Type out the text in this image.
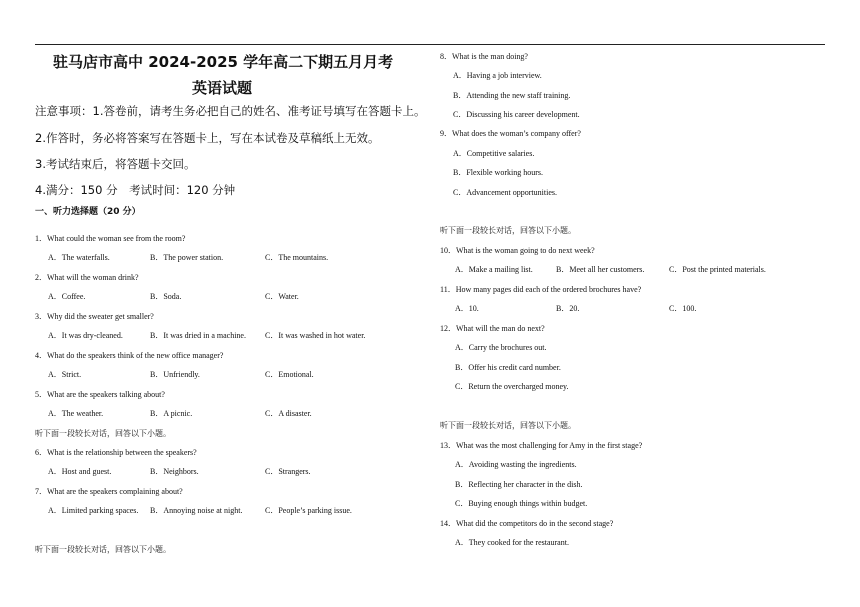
驻马店市高中 2024-2025 学年高二下期五月月考
英语试题
注意事项：1.答卷前，请考生务必把自己的姓名、准考证号填写在答题卡上。
2.作答时，务必将答案写在答题卡上，写在本试卷及草稿纸上无效。
3.考试结束后，将答题卡交回。
4.满分：150 分　考试时间：120 分钟
一、听力选择题（20 分）
1．What could the woman see from the room?
A．The waterfalls.	B．The power station.	C．The mountains.
2．What will the woman drink?
A．Coffee.	B．Soda.	C．Water.
3．Why did the sweater get smaller?
A．It was dry-cleaned.	B．It was dried in a machine. C．It was washed in hot water.
4．What do the speakers think of the new office manager?
A．Strict.	B．Unfriendly.	C．Emotional.
5．What are the speakers talking about?
A．The weather.	B．A picnic.	C．A disaster.
听下面一段较长对话，回答以下小题。
6．What is the relationship between the speakers?
A．Host and guest.	B．Neighbors.	C．Strangers.
7．What are the speakers complaining about?
A．Limited parking spaces. B．Annoying noise at night.	C．People’s parking issue.
听下面一段较长对话，回答以下小题。
8．What is the man doing?
A．Having a job interview.
B．Attending the new staff training.
C．Discussing his career development.
9．What does the woman’s company offer?
A．Competitive salaries.
B．Flexible working hours.
C．Advancement opportunities.
听下面一段较长对话，回答以下小题。
10．What is the woman going to do next week?
A．Make a mailing list.	B．Meet all her customers.	C．Post the printed materials.
11．How many pages did each of the ordered brochures have?
A．10.	B．20.	C．100.
12．What will the man do next?
A．Carry the brochures out.
B．Offer his credit card number.
C．Return the overcharged money.
听下面一段较长对话，回答以下小题。
13．What was the most challenging for Amy in the first stage?
A．Avoiding wasting the ingredients.
B．Reflecting her character in the dish.
C．Buying enough things within budget.
14．What did the competitors do in the second stage?
A．They cooked for the restaurant.
